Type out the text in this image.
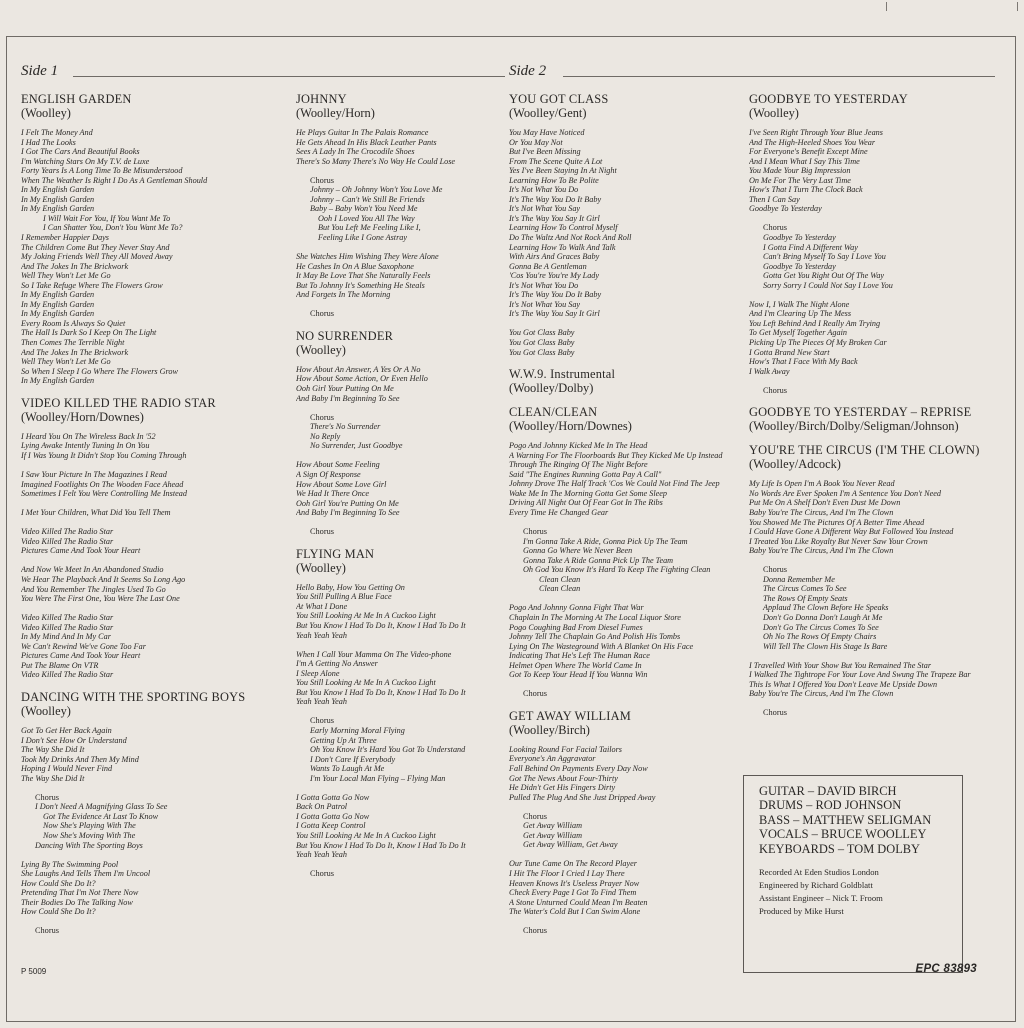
Side 1	Side 2
ENGLISH GARDEN
(Woolley)
I Felt The Money And
I Had The Looks
I Got The Cars And Beautiful Books
I'm Watching Stars On My T.V. de Luxe
Forty Years Is A Long Time To Be Misunderstood
When The Weather Is Right I Do As A Gentleman Should
In My English Garden
In My English Garden
In My English Garden
I Will Wait For You, If You Want Me To
I Can Shatter You, Don't You Want Me To?
I Remember Happier Days
The Children Come But They Never Stay And
My Joking Friends Well They All Moved Away
And The Jokes In The Brickwork
Well They Won't Let Me Go
So I Take Refuge Where The Flowers Grow
In My English Garden
In My English Garden
In My English Garden
Every Room Is Always So Quiet
The Hall Is Dark So I Keep On The Light
Then Comes The Terrible Night
And The Jokes In The Brickwork
Well They Won't Let Me Go
So When I Sleep I Go Where The Flowers Grow
In My English Garden
VIDEO KILLED THE RADIO STAR
(Woolley/Horn/Downes)
I Heard You On The Wireless Back In '52
Lying Awake Intently Tuning In On You
If I Was Young It Didn't Stop You Coming Through
I Saw Your Picture In The Magazines I Read
Imagined Footlights On The Wooden Face Ahead
Sometimes I Felt You Were Controlling Me Instead
I Met Your Children, What Did You Tell Them
Video Killed The Radio Star
Video Killed The Radio Star
Pictures Came And Took Your Heart
And Now We Meet In An Abandoned Studio
We Hear The Playback And It Seems So Long Ago
And You Remember The Jingles Used To Go
You Were The First One, You Were The Last One
Video Killed The Radio Star
Video Killed The Radio Star
In My Mind And In My Car
We Can't Rewind We've Gone Too Far
Pictures Came And Took Your Heart
Put The Blame On VTR
Video Killed The Radio Star
DANCING WITH THE SPORTING BOYS
(Woolley)
Got To Get Her Back Again
I Don't See How Or Understand
The Way She Did It
Took My Drinks And Then My Mind
Hoping I Would Never Find
The Way She Did It
Chorus
I Don't Need A Magnifying Glass To See
Got The Evidence At Last To Know
Now She's Playing With The
Now She's Moving With The
Dancing With The Sporting Boys
Lying By The Swimming Pool
She Laughs And Tells Them I'm Uncool
How Could She Do It?
Pretending That I'm Not There Now
Their Bodies Do The Talking Now
How Could She Do It?
Chorus
JOHNNY
(Woolley/Horn)
He Plays Guitar In The Palais Romance
He Gets Ahead In His Black Leather Pants
Sees A Lady In The Crocodile Shoes
There's So Many There's No Way He Could Lose
Chorus
Johnny – Oh Johnny Won't You Love Me
Johnny – Can't We Still Be Friends
Baby – Baby Won't You Need Me
Ooh I Loved You All The Way
But You Left Me Feeling Like I,
Feeling Like I Gone Astray
She Watches Him Wishing They Were Alone
He Cashes In On A Blue Saxophone
It May Be Love That She Naturally Feels
But To Johnny It's Something He Steals
And Forgets In The Morning
Chorus
NO SURRENDER
(Woolley)
How About An Answer, A Yes Or A No
How About Some Action, Or Even Hello
Ooh Girl Your Putting On Me
And Baby I'm Beginning To See
Chorus
There's No Surrender
No Reply
No Surrender, Just Goodbye
How About Some Feeling
A Sign Of Response
How About Some Love Girl
We Had It There Once
Ooh Girl You're Putting On Me
And Baby I'm Beginning To See
Chorus
FLYING MAN
(Woolley)
Hello Baby, How You Getting On
You Still Pulling A Blue Face
At What I Done
You Still Looking At Me In A Cuckoo Light
But You Know I Had To Do It, Know I Had To Do It
Yeah Yeah Yeah
When I Call Your Mamma On The Video-phone
I'm A Getting No Answer
I Sleep Alone
You Still Looking At Me In A Cuckoo Light
But You Know I Had To Do It, Know I Had To Do It
Yeah Yeah Yeah
Chorus
Early Morning Moral Flying
Getting Up At Three
Oh You Know It's Hard You Got To Understand
I Don't Care If Everybody
Wants To Laugh At Me
I'm Your Local Man Flying – Flying Man
I Gotta Gotta Go Now
Back On Patrol
I Gotta Gotta Go Now
I Gotta Keep Control
You Still Looking At Me In A Cuckoo Light
But You Know I Had To Do It, Know I Had To Do It
Yeah Yeah Yeah
Chorus
YOU GOT CLASS
(Woolley/Gent)
You May Have Noticed
Or You May Not
But I've Been Missing
From The Scene Quite A Lot
Yes I've Been Staying In At Night
Learning How To Be Polite
It's Not What You Do
It's The Way You Do It Baby
It's Not What You Say
It's The Way You Say It Girl
Learning How To Control Myself
Do The Waltz And Not Rock And Roll
Learning How To Walk And Talk
With Airs And Graces Baby
Gonna Be A Gentleman
'Cos You're You're My Lady
It's Not What You Do
It's The Way You Do It Baby
It's Not What You Say
It's The Way You Say It Girl
You Got Class Baby
You Got Class Baby
You Got Class Baby
W.W.9. Instrumental
(Woolley/Dolby)
CLEAN/CLEAN
(Woolley/Horn/Downes)
Pogo And Johnny Kicked Me In The Head
A Warning For The Floorboards But They Kicked Me Up Instead
Through The Ringing Of The Night Before
Said "The Engines Running Gotta Pay A Call"
Johnny Drove The Half Track 'Cos We Could Not Find The Jeep
Wake Me In The Morning Gotta Get Some Sleep
Driving All Night Out Of Fear Got In The Ribs
Every Time He Changed Gear
Chorus
I'm Gonna Take A Ride, Gonna Pick Up The Team
Gonna Go Where We Never Been
Gonna Take A Ride Gonna Pick Up The Team
Oh God You Know It's Hard To Keep The Fighting Clean
Clean Clean
Clean Clean
Pogo And Johnny Gonna Fight That War
Chaplain In The Morning At The Local Liquor Store
Pogo Coughing Bad From Diesel Fumes
Johnny Tell The Chaplain Go And Polish His Tombs
Lying On The Wasteground With A Blanket On His Face
Indicating That He's Left The Human Race
Helmet Open Where The World Came In
Got To Keep Your Head If You Wanna Win
Chorus
GET AWAY WILLIAM
(Woolley/Birch)
Looking Round For Facial Tailors
Everyone's An Aggravator
Fall Behind On Payments Every Day Now
Got The News About Four-Thirty
He Didn't Get His Fingers Dirty
Pulled The Plug And She Just Dripped Away
Chorus
Get Away William
Get Away William
Get Away William, Get Away
Our Tune Came On The Record Player
I Hit The Floor I Cried I Lay There
Heaven Knows It's Useless Prayer Now
Check Every Page I Got To Find Them
A Stone Unturned Could Mean I'm Beaten
The Water's Cold But I Can Swim Alone
Chorus
GOODBYE TO YESTERDAY
(Woolley)
I've Seen Right Through Your Blue Jeans
And The High-Heeled Shoes You Wear
For Everyone's Benefit Except Mine
And I Mean What I Say This Time
You Made Your Big Impression
On Me For The Very Last Time
How's That I Turn The Clock Back
Then I Can Say
Goodbye To Yesterday
Chorus
Goodbye To Yesterday
I Gotta Find A Different Way
Can't Bring Myself To Say I Love You
Goodbye To Yesterday
Gotta Get You Right Out Of The Way
Sorry Sorry I Could Not Say I Love You
Now I, I Walk The Night Alone
And I'm Clearing Up The Mess
You Left Behind And I Really Am Trying
To Get Myself Together Again
Picking Up The Pieces Of My Broken Car
I Gotta Brand New Start
How's That I Face With My Back
I Walk Away
Chorus
GOODBYE TO YESTERDAY – REPRISE
(Woolley/Birch/Dolby/Seligman/Johnson)
YOU'RE THE CIRCUS (I'M THE CLOWN)
(Woolley/Adcock)
My Life Is Open I'm A Book You Never Read
No Words Are Ever Spoken I'm A Sentence You Don't Need
Put Me On A Shelf Don't Even Dust Me Down
Baby You're The Circus, And I'm The Clown
You Showed Me The Pictures Of A Better Time Ahead
I Could Have Gone A Different Way But Followed You Instead
I Treated You Like Royalty But Never Saw Your Crown
Baby You're The Circus, And I'm The Clown
Chorus
Donna Remember Me
The Circus Comes To See
The Rows Of Empty Seats
Applaud The Clown Before He Speaks
Don't Go Donna Don't Laugh At Me
Don't Go The Circus Comes To See
Oh No The Rows Of Empty Chairs
Will Tell The Clown His Stage Is Bare
I Travelled With Your Show But You Remained The Star
I Walked The Tightrope For Your Love And Swung The Trapeze Bar
This Is What I Offered You Don't Leave Me Upside Down
Baby You're The Circus, And I'm The Clown
Chorus
GUITAR – DAVID BIRCH
DRUMS – ROD JOHNSON
BASS – MATTHEW SELIGMAN
VOCALS – BRUCE WOOLLEY
KEYBOARDS – TOM DOLBY
Recorded At Eden Studios London
Engineered by Richard Goldblatt
Assistant Engineer – Nick T. Froom
Produced by Mike Hurst
P 5009	EPC 83893
